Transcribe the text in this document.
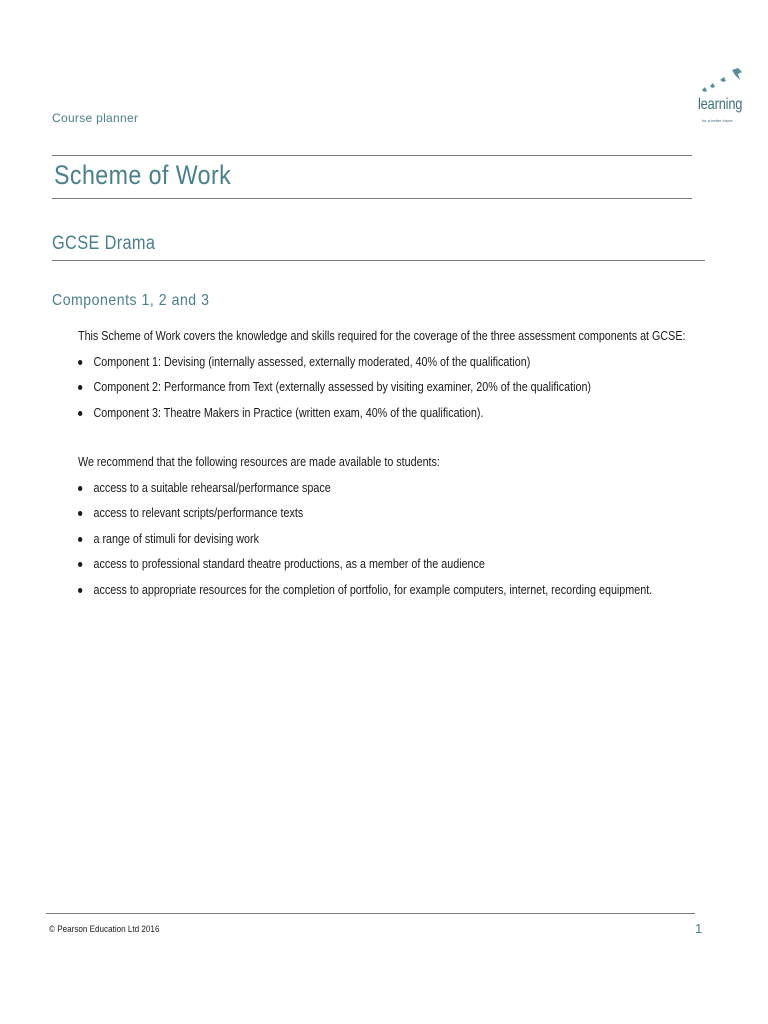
Course planner
learning
for a better future
Scheme of Work
GCSE Drama
Components 1, 2 and 3

This Scheme of Work covers the knowledge and skills required for the coverage of the three assessment components at GCSE:

Component 1: Devising (internally assessed, externally moderated, 40% of the qualification)
Component 2: Performance from Text (externally assessed by visiting examiner, 20% of the qualification)
Component 3: Theatre Makers in Practice (written exam, 40% of the qualification).

We recommend that the following resources are made available to students:

access to a suitable rehearsal/performance space
access to relevant scripts/performance texts
a range of stimuli for devising work
access to professional standard theatre productions, as a member of the audience
access to appropriate resources for the completion of portfolio, for example computers, internet, recording equipment.
© Pearson Education Ltd 2016	1
